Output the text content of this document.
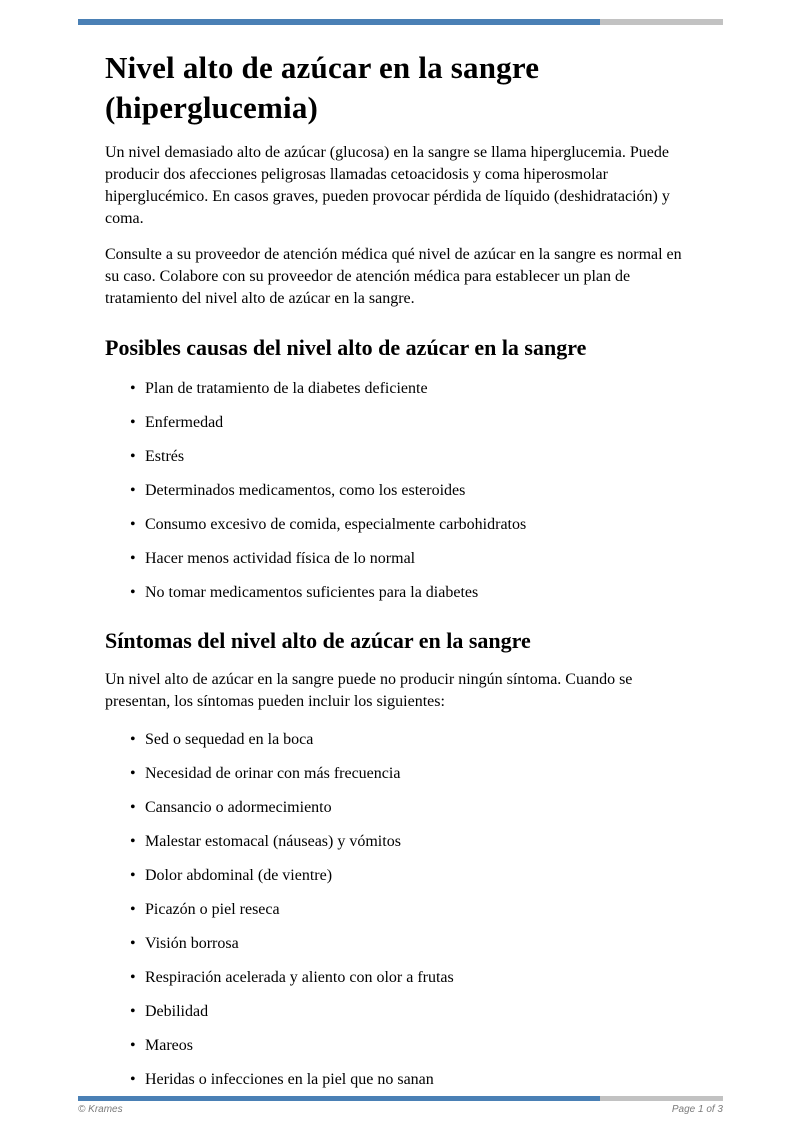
Nivel alto de azúcar en la sangre (hiperglucemia)

Un nivel demasiado alto de azúcar (glucosa) en la sangre se llama hiperglucemia. Puede producir dos afecciones peligrosas llamadas cetoacidosis y coma hiperosmolar hiperglucémico. En casos graves, pueden provocar pérdida de líquido (deshidratación) y coma.

Consulte a su proveedor de atención médica qué nivel de azúcar en la sangre es normal en su caso. Colabore con su proveedor de atención médica para establecer un plan de tratamiento del nivel alto de azúcar en la sangre.

Posibles causas del nivel alto de azúcar en la sangre
• Plan de tratamiento de la diabetes deficiente
• Enfermedad
• Estrés
• Determinados medicamentos, como los esteroides
• Consumo excesivo de comida, especialmente carbohidratos
• Hacer menos actividad física de lo normal
• No tomar medicamentos suficientes para la diabetes
Síntomas del nivel alto de azúcar en la sangre

Un nivel alto de azúcar en la sangre puede no producir ningún síntoma. Cuando se presentan, los síntomas pueden incluir los siguientes:

• Sed o sequedad en la boca
• Necesidad de orinar con más frecuencia
• Cansancio o adormecimiento
• Malestar estomacal (náuseas) y vómitos
• Dolor abdominal (de vientre)
• Picazón o piel reseca
• Visión borrosa
• Respiración acelerada y aliento con olor a frutas
• Debilidad
• Mareos
• Heridas o infecciones en la piel que no sanan
© Krames	Page 1 of 3
